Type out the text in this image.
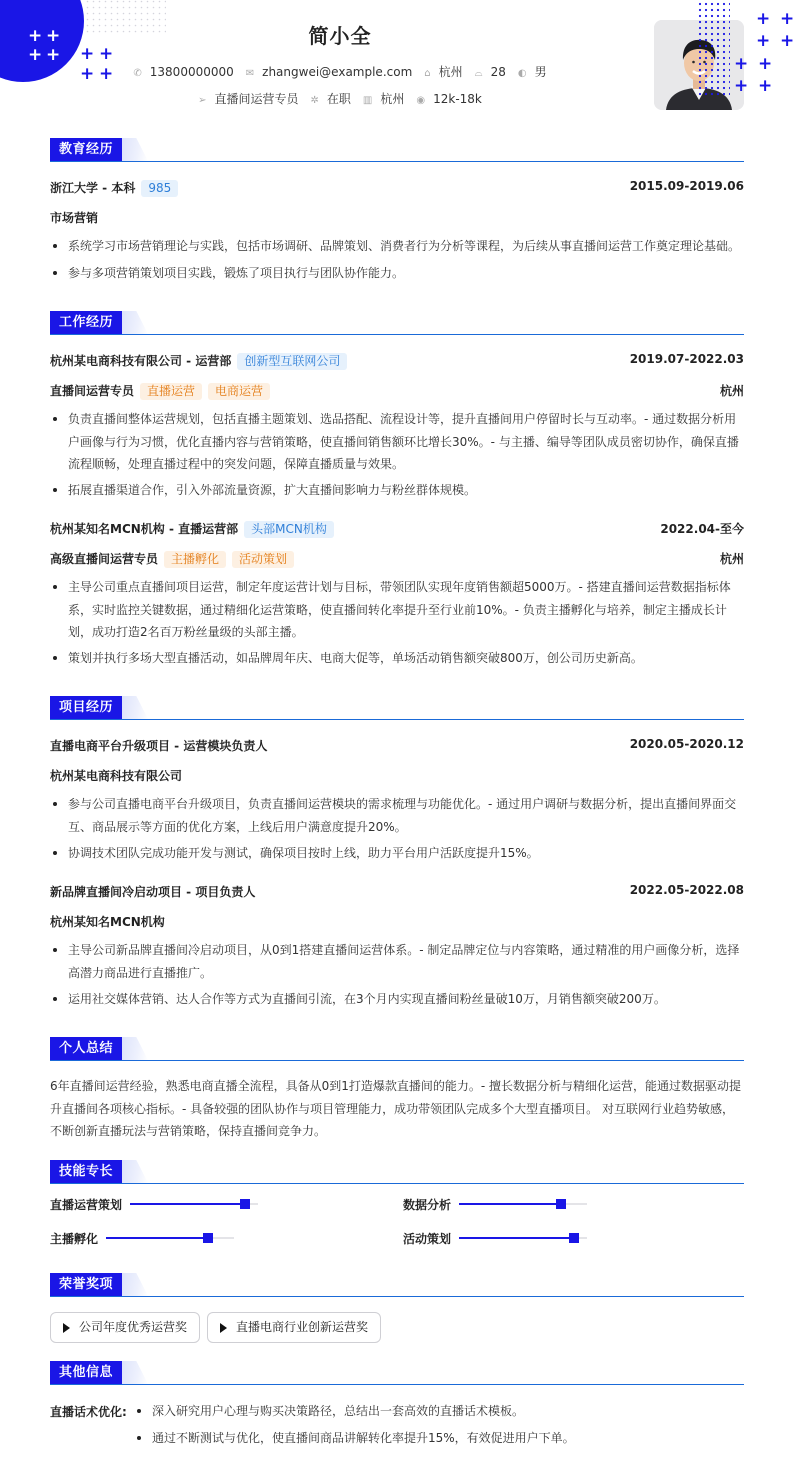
+ +
+ + + +
+ +
简小全
✆ 13800000000 ✉ zhangwei@example.com ⌂ 杭州 ⌓ 28 ◐ 男
➢ 直播间运营专员 ✲ 在职 ▥ 杭州 ◉ 12k-18k
+ +
+ +
+ +
+ +
教育经历
浙江大学 - 本科 985	2015.09-2019.06
市场营销
系统学习市场营销理论与实践，包括市场调研、品牌策划、消费者行为分析等课程，为后续从事直播间运营工作奠定理论基础。
参与多项营销策划项目实践，锻炼了项目执行与团队协作能力。
工作经历
杭州某电商科技有限公司 - 运营部 创新型互联网公司	2019.07-2022.03
直播间运营专员 直播运营 电商运营	杭州
负责直播间整体运营规划，包括直播主题策划、选品搭配、流程设计等，提升直播间用户停留时长与互动率。- 通过数据分析用户画像与行为习惯，优化直播内容与营销策略，使直播间销售额环比增长30%。- 与主播、编导等团队成员密切协作，确保直播流程顺畅，处理直播过程中的突发问题，保障直播质量与效果。
拓展直播渠道合作，引入外部流量资源，扩大直播间影响力与粉丝群体规模。
杭州某知名MCN机构 - 直播运营部 头部MCN机构	2022.04-至今
高级直播间运营专员 主播孵化 活动策划	杭州
主导公司重点直播间项目运营，制定年度运营计划与目标，带领团队实现年度销售额超5000万。- 搭建直播间运营数据指标体系，实时监控关键数据，通过精细化运营策略，使直播间转化率提升至行业前10%。- 负责主播孵化与培养，制定主播成长计划，成功打造2名百万粉丝量级的头部主播。
策划并执行多场大型直播活动，如品牌周年庆、电商大促等，单场活动销售额突破800万，创公司历史新高。
项目经历
直播电商平台升级项目 - 运营模块负责人	2020.05-2020.12
杭州某电商科技有限公司
参与公司直播电商平台升级项目，负责直播间运营模块的需求梳理与功能优化。- 通过用户调研与数据分析，提出直播间界面交互、商品展示等方面的优化方案，上线后用户满意度提升20%。
协调技术团队完成功能开发与测试，确保项目按时上线，助力平台用户活跃度提升15%。
新品牌直播间冷启动项目 - 项目负责人	2022.05-2022.08
杭州某知名MCN机构
主导公司新品牌直播间冷启动项目，从0到1搭建直播间运营体系。- 制定品牌定位与内容策略，通过精准的用户画像分析，选择高潜力商品进行直播推广。
运用社交媒体营销、达人合作等方式为直播间引流，在3个月内实现直播间粉丝量破10万，月销售额突破200万。
个人总结
6年直播间运营经验，熟悉电商直播全流程，具备从0到1打造爆款直播间的能力。- 擅长数据分析与精细化运营，能通过数据驱动提升直播间各项核心指标。- 具备较强的团队协作与项目管理能力，成功带领团队完成多个大型直播项目。 对互联网行业趋势敏感，不断创新直播玩法与营销策略，保持直播间竞争力。
技能专长
直播运营策划	数据分析
主播孵化	活动策划
荣誉奖项
公司年度优秀运营奖	直播电商行业创新运营奖
其他信息
直播话术优化:	深入研究用户心理与购买决策路径，总结出一套高效的直播话术模板。
通过不断测试与优化，使直播间商品讲解转化率提升15%，有效促进用户下单。
